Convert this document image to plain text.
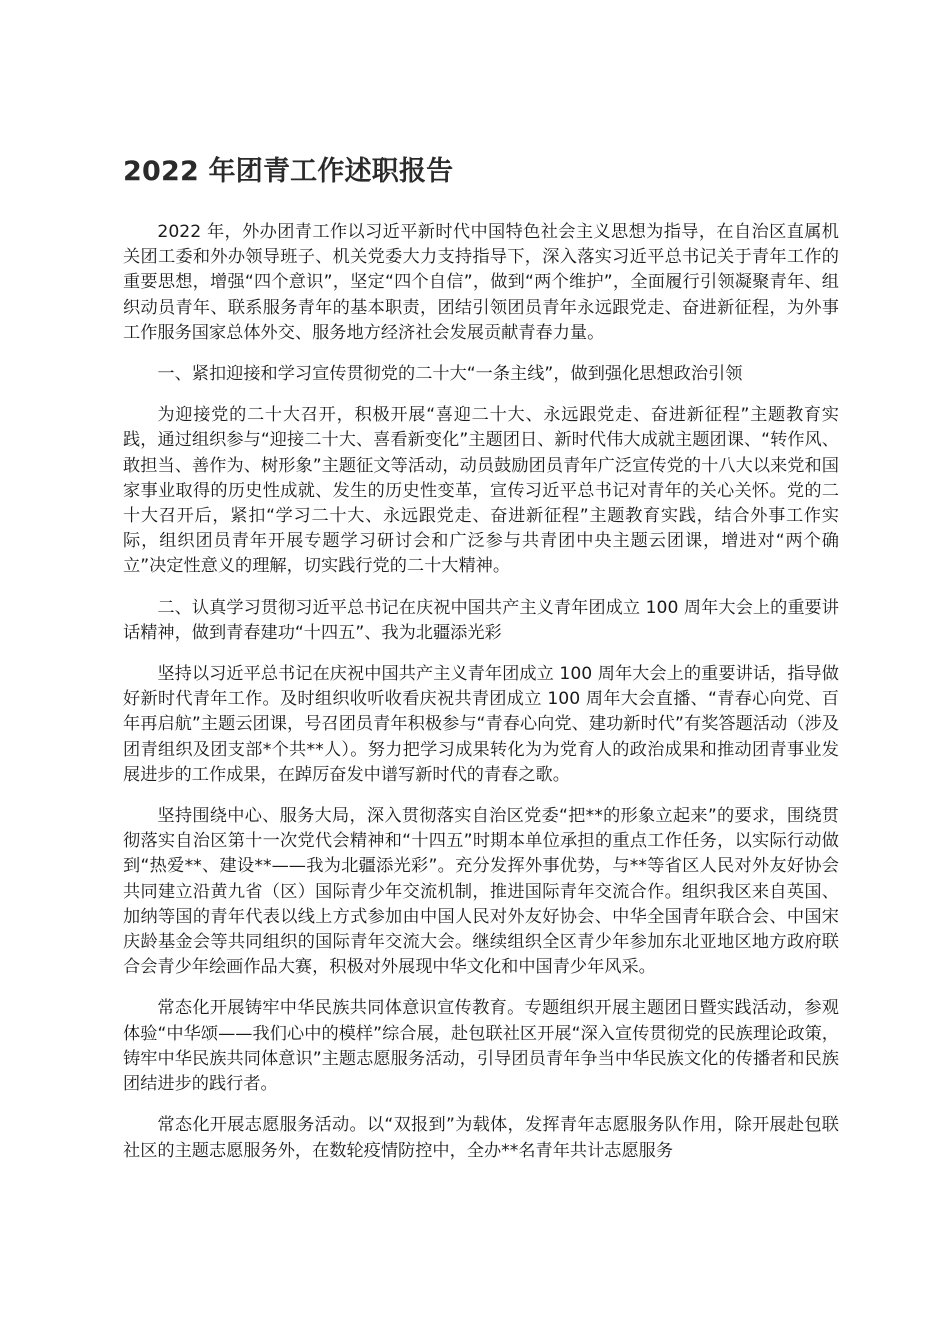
2022 年团青工作述职报告

2022 年，外办团青工作以习近平新时代中国特色社会主义思想为指导，在自治区直属机关团工委和外办领导班子、机关党委大力支持指导下，深入落实习近平总书记关于青年工作的重要思想，增强“四个意识”，坚定“四个自信”，做到“两个维护”，全面履行引领凝聚青年、组织动员青年、联系服务青年的基本职责，团结引领团员青年永远跟党走、奋进新征程，为外事工作服务国家总体外交、服务地方经济社会发展贡献青春力量。

一、紧扣迎接和学习宣传贯彻党的二十大“一条主线”，做到强化思想政治引领

为迎接党的二十大召开，积极开展“喜迎二十大、永远跟党走、奋进新征程”主题教育实践，通过组织参与“迎接二十大、喜看新变化”主题团日、新时代伟大成就主题团课、“转作风、敢担当、善作为、树形象”主题征文等活动，动员鼓励团员青年广泛宣传党的十八大以来党和国家事业取得的历史性成就、发生的历史性变革，宣传习近平总书记对青年的关心关怀。党的二十大召开后，紧扣“学习二十大、永远跟党走、奋进新征程”主题教育实践，结合外事工作实际，组织团员青年开展专题学习研讨会和广泛参与共青团中央主题云团课，增进对“两个确立”决定性意义的理解，切实践行党的二十大精神。

二、认真学习贯彻习近平总书记在庆祝中国共产主义青年团成立 100 周年大会上的重要讲话精神，做到青春建功“十四五”、我为北疆添光彩

坚持以习近平总书记在庆祝中国共产主义青年团成立 100 周年大会上的重要讲话，指导做好新时代青年工作。及时组织收听收看庆祝共青团成立 100 周年大会直播、“青春心向党、百年再启航”主题云团课，号召团员青年积极参与“青春心向党、建功新时代”有奖答题活动（涉及团青组织及团支部*个共**人）。努力把学习成果转化为为党育人的政治成果和推动团青事业发展进步的工作成果，在踔厉奋发中谱写新时代的青春之歌。

坚持围绕中心、服务大局，深入贯彻落实自治区党委“把**的形象立起来”的要求，围绕贯彻落实自治区第十一次党代会精神和“十四五”时期本单位承担的重点工作任务，以实际行动做到“热爱**、建设**——我为北疆添光彩”。充分发挥外事优势，与**等省区人民对外友好协会共同建立沿黄九省（区）国际青少年交流机制，推进国际青年交流合作。组织我区来自英国、加纳等国的青年代表以线上方式参加由中国人民对外友好协会、中华全国青年联合会、中国宋庆龄基金会等共同组织的国际青年交流大会。继续组织全区青少年参加东北亚地区地方政府联合会青少年绘画作品大赛，积极对外展现中华文化和中国青少年风采。

常态化开展铸牢中华民族共同体意识宣传教育。专题组织开展主题团日暨实践活动，参观体验“中华颂——我们心中的模样”综合展，赴包联社区开展“深入宣传贯彻党的民族理论政策，铸牢中华民族共同体意识”主题志愿服务活动，引导团员青年争当中华民族文化的传播者和民族团结进步的践行者。

常态化开展志愿服务活动。以“双报到”为载体，发挥青年志愿服务队作用，除开展赴包联社区的主题志愿服务外，在数轮疫情防控中，全办**名青年共计志愿服务
